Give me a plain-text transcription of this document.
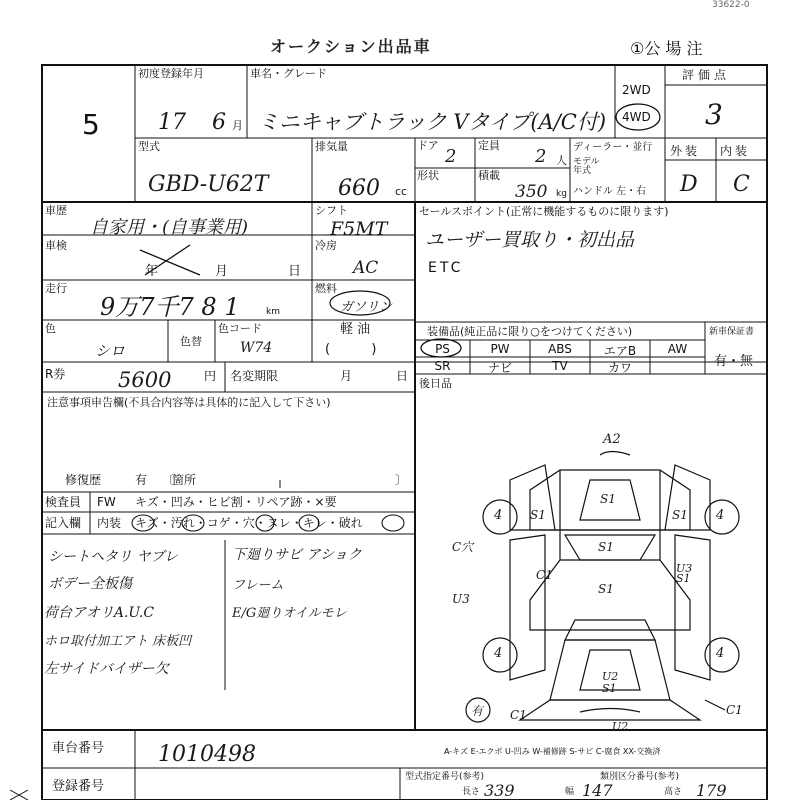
オークション出品車	①公 場 注
33622-0
5
初度登録年月
17 6 月
車名・グレード
ミニキャブトラック Vタイプ(A/C付)
2WD
4WD
評価点
3
型式
GBD-U62T
排気量
660 cc
ドア
2
定員
2 人
形状	積載
350 kg
ディーラー・並行
モデル年式
ハンドル 左・右
外装 内装
D C
車歴
自家用・(自事業用)
シフト
F5MT
車検
年	月	日
冷房
AC
走行
9万7千7 8 1	km
燃料
ガソリン
軽 油
(          )
色
シロ
色替
色コード
W74
セールスポイント(正常に機能するものに限ります)
ユーザー買取り・初出品
ETC
装備品(純正品に限り○をつけてください)
PS	PW	ABS	エアB	AW
SR	ナビ	TV	カワ
新車保証書
有・無
R券	5600	円 名変期限	月	日
後日品
注意事項申告欄(不具合内容等は具体的に記入して下さい)
修復歴	有 〔
箇所	〕
検査員 FW キズ・凹み・ヒビ割・リペア跡・×要
記入欄 内装 キズ・汚れ・コゲ・穴・ヌレ・キレ・破れ
シートヘタリ ヤブレ
ボデー全板傷
荷台アオリA.U.C
ホロ取付加工アト 床板凹
左サイドバイザー欠
下廻りサビ アショク
フレーム
E/G廻りオイルモレ
A2
S1
S1	S1
4	4
4	4
C穴
U3
C1	U3
S1
S1
S1
U2
S1
有 C1	C1
U2
A-キズ E-エクボ U-凹み W-補修跡 S-サビ C-腐食 XX-交換済
車台番号 1010498
登録番号
型式指定番号(参考)	類別区分番号(参考)
長さ 339	幅 147	高さ 179
